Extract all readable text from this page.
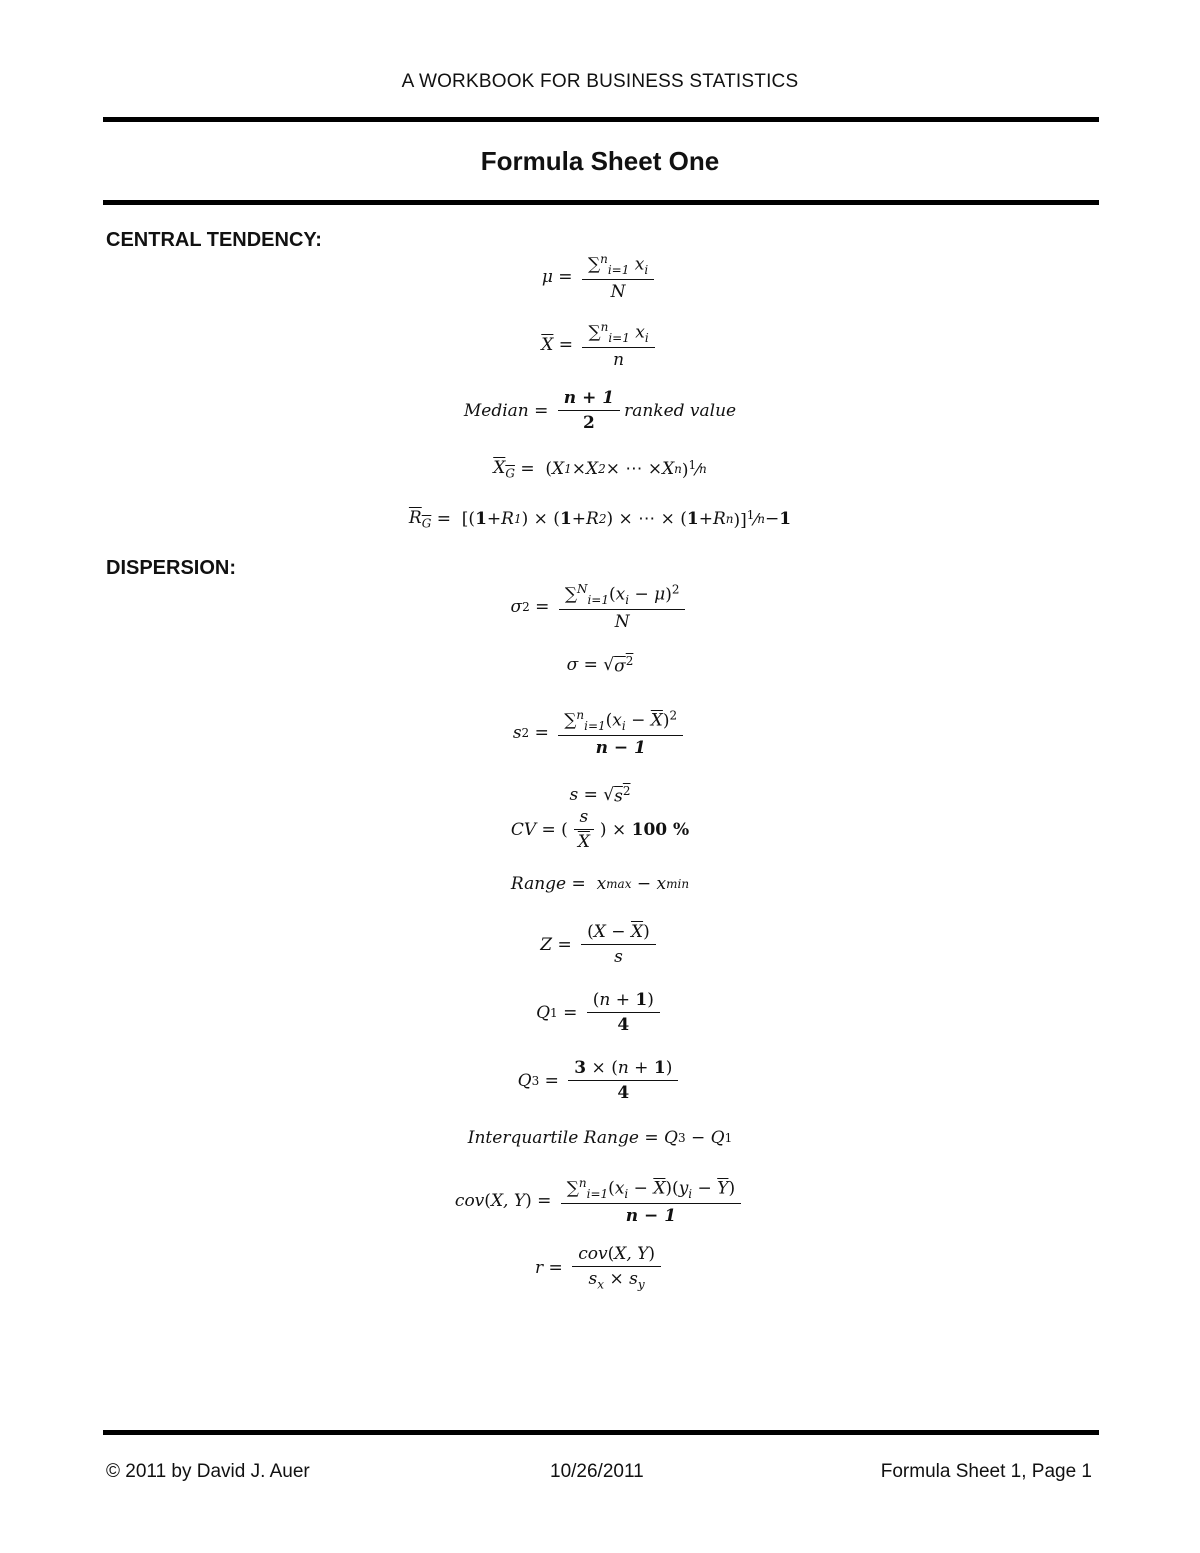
A WORKBOOK FOR BUSINESS STATISTICS
Formula Sheet One
CENTRAL TENDENCY:
$\mu = \frac{\sum^n_{i=1} x_i}{N}$
$\overline{X} = \frac{\sum^n_{i=1} x_i}{n}$
Median = $\frac{n + 1}{2}$ ranked value
$X_G$ =  ( X 1 × X 2 × ⋯ × X n )$^1$⁄ n
$R_G$ =  [( 1 + R 1 ) × ( 1 + R 2 ) × ⋯ × ( 1 + R n )]$^1$⁄ n − 1
DISPERSION:
σ $2 = \frac{\sum^N_{i=1}(x_i - \mu)^2}{N}$
σ = √ $\sigma^2$
s $2 = \frac{\sum^n_{i=1}(x_i - \overline{X})^2}{n - 1}$
s = √ $s^2$
CV = ( $\frac{s}{X}$ ) × 100 %
Range = x max − x min
$Z = \frac{(X - \overline{X})}{s}$
Q $1 = \frac{(n + 1)}{4}$
Q $3 = \frac{3 \times (n + 1)}{4}$
Interquartile Range = Q 3 − Q 1
cov ( X, Y ) = $\frac{\sum^n_{i=1}(x_i - \overline{X})(y_i - \overline{Y})}{n - 1}$
$r = \frac{\text{cov(X, Y)}}{s_x \times s_y}$
© 2011 by David J. Auer	10/26/2011	Formula Sheet 1, Page 1
